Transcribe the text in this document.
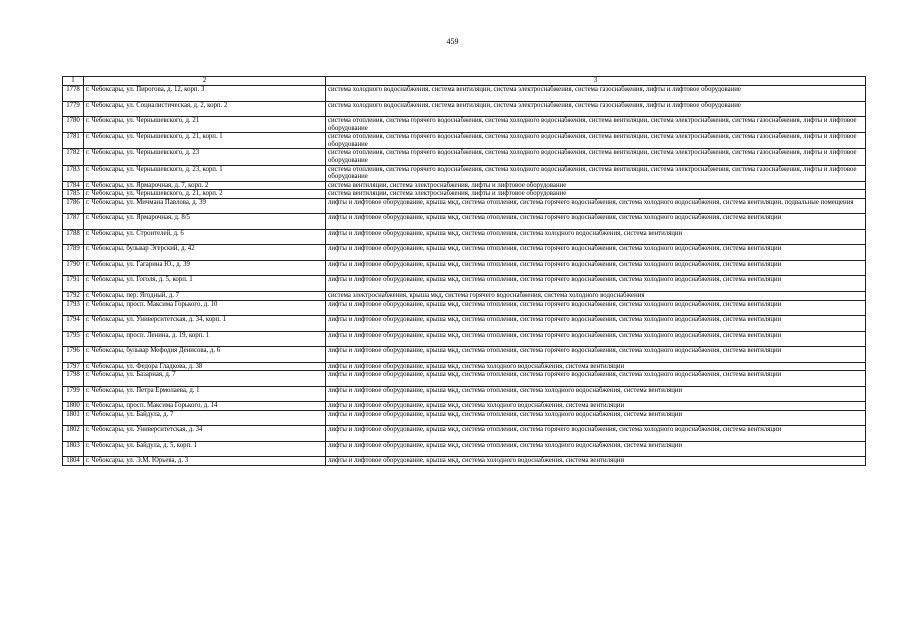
459
1	2	3
1778	г. Чебоксары, ул. Пирогова, д. 12, корп. 3	система холодного водоснабжения, система вентиляции, система электроснабжения, система газоснабжения, лифты и лифтовое оборудование
1779	г. Чебоксары, ул. Социалистическая, д. 2, корп. 2	система холодного водоснабжения, система вентиляции, система электроснабжения, система газоснабжения, лифты и лифтовое оборудование
1780	г. Чебоксары, ул. Чернышевского, д. 21	система отопления, система горячего водоснабжения, система холодного водоснабжения, система вентиляции, система электроснабжения, система газоснабжения, лифты и лифтовое оборудование
1781	г. Чебоксары, ул. Чернышевского, д. 21, корп. 1	система отопления, система горячего водоснабжения, система холодного водоснабжения, система вентиляции, система электроснабжения, система газоснабжения, лифты и лифтовое оборудование
1782	г. Чебоксары, ул. Чернышевского, д. 23	система отопления, система горячего водоснабжения, система холодного водоснабжения, система вентиляции, система электроснабжения, система газоснабжения, лифты и лифтовое оборудование
1783	г. Чебоксары, ул. Чернышевского, д. 23, корп. 1	система отопления, система горячего водоснабжения, система холодного водоснабжения, система вентиляции, система электроснабжения, система газоснабжения, лифты и лифтовое оборудование
1784	г. Чебоксары, ул. Ярмарочная, д. 7, корп. 2	система вентиляции, система электроснабжения, лифты и лифтовое оборудование
1785	г. Чебоксары, ул. Чернышевского, д. 21, корп. 2	система вентиляции, система электроснабжения, лифты и лифтовое оборудование
1786	г. Чебоксары, ул. Мичмана Павлова, д. 39	лифты и лифтовое оборудование, крыша мкд, система отопления, система горячего водоснабжения, система холодного водоснабжения, система вентиляции, подвальные помещения
1787	г. Чебоксары, ул. Ярмарочная, д. 8/5	лифты и лифтовое оборудование, крыша мкд, система отопления, система горячего водоснабжения, система холодного водоснабжения, система вентиляции
1788	г. Чебоксары, ул. Строителей, д. 6	лифты и лифтовое оборудование, крыша мкд, система отопления, система холодного водоснабжения, система вентиляции
1789	г. Чебоксары, бульвар Эгерский, д. 42	лифты и лифтовое оборудование, крыша мкд, система отопления, система горячего водоснабжения, система холодного водоснабжения, система вентиляции
1790	г. Чебоксары, ул. Гагарина Ю., д. 39	лифты и лифтовое оборудование, крыша мкд, система отопления, система горячего водоснабжения, система холодного водоснабжения, система вентиляции
1791	г. Чебоксары, ул. Гоголя, д. 5, корп. 1	лифты и лифтовое оборудование, крыша мкд, система отопления, система горячего водоснабжения, система холодного водоснабжения, система вентиляции
1792	г. Чебоксары, пер. Ягодный, д. 7	система электроснабжения, крыша мкд, система горячего водоснабжения, система холодного водоснабжения
1793	г. Чебоксары, просп. Максима Горького, д. 10	лифты и лифтовое оборудование, крыша мкд, система отопления, система горячего водоснабжения, система холодного водоснабжения, система вентиляции
1794	г. Чебоксары, ул. Университетская, д. 34, корп. 1	лифты и лифтовое оборудование, крыша мкд, система отопления, система горячего водоснабжения, система холодного водоснабжения, система вентиляции
1795	г. Чебоксары, просп. Ленина, д. 19, корп. 1	лифты и лифтовое оборудование, крыша мкд, система отопления, система горячего водоснабжения, система холодного водоснабжения, система вентиляции
1796	г. Чебоксары, бульвар Мефодия Денисова, д. 6	лифты и лифтовое оборудование, крыша мкд, система отопления, система горячего водоснабжения, система холодного водоснабжения, система вентиляции
1797	г. Чебоксары, ул. Федора Гладкова, д. 38	лифты и лифтовое оборудование, крыша мкд, система холодного водоснабжения, система вентиляции
1798	г. Чебоксары, ул. Базарная, д. 7	лифты и лифтовое оборудование, крыша мкд, система отопления, система горячего водоснабжения, система холодного водоснабжения, система вентиляции
1799	г. Чебоксары, ул. Петра Ермолаева, д. 1	лифты и лифтовое оборудование, крыша мкд, система отопления, система холодного водоснабжения, система вентиляции
1800	г. Чебоксары, просп. Максима Горького, д. 14	лифты и лифтовое оборудование, крыша мкд, система холодного водоснабжения, система вентиляции
1801	г. Чебоксары, ул. Байдула, д. 7	лифты и лифтовое оборудование, крыша мкд, система отопления, система холодного водоснабжения, система вентиляции
1802	г. Чебоксары, ул. Университетская, д. 34	лифты и лифтовое оборудование, крыша мкд, система отопления, система горячего водоснабжения, система холодного водоснабжения, система вентиляции
1803	г. Чебоксары, ул. Байдула, д. 5, корп. 1	лифты и лифтовое оборудование, крыша мкд, система отопления, система холодного водоснабжения, система вентиляции
1804	г. Чебоксары, ул. Э.М. Юрьева, д. 3	лифты и лифтовое оборудование, крыша мкд, система холодного водоснабжения, система вентиляции
